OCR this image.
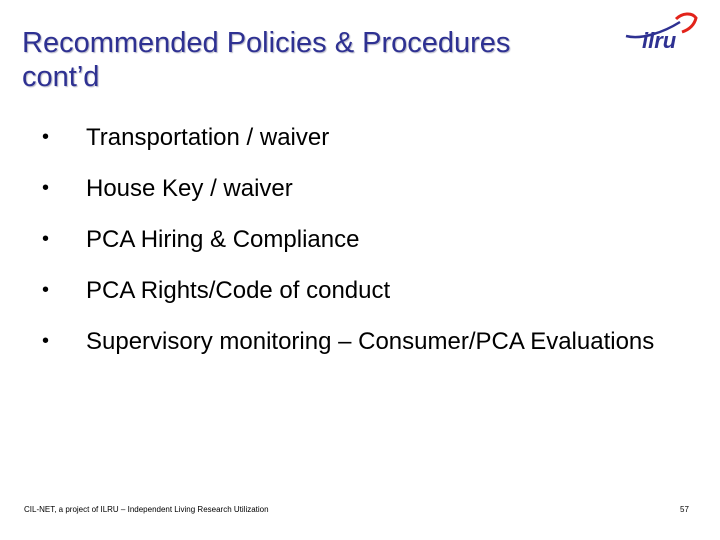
Recommended Policies & Procedures
cont’d
ilru
• Transportation / waiver
• House Key / waiver
• PCA Hiring & Compliance
• PCA Rights/Code of conduct
• Supervisory monitoring – Consumer/PCA Evaluations
CIL-NET, a project of ILRU – Independent Living Research Utilization	57
